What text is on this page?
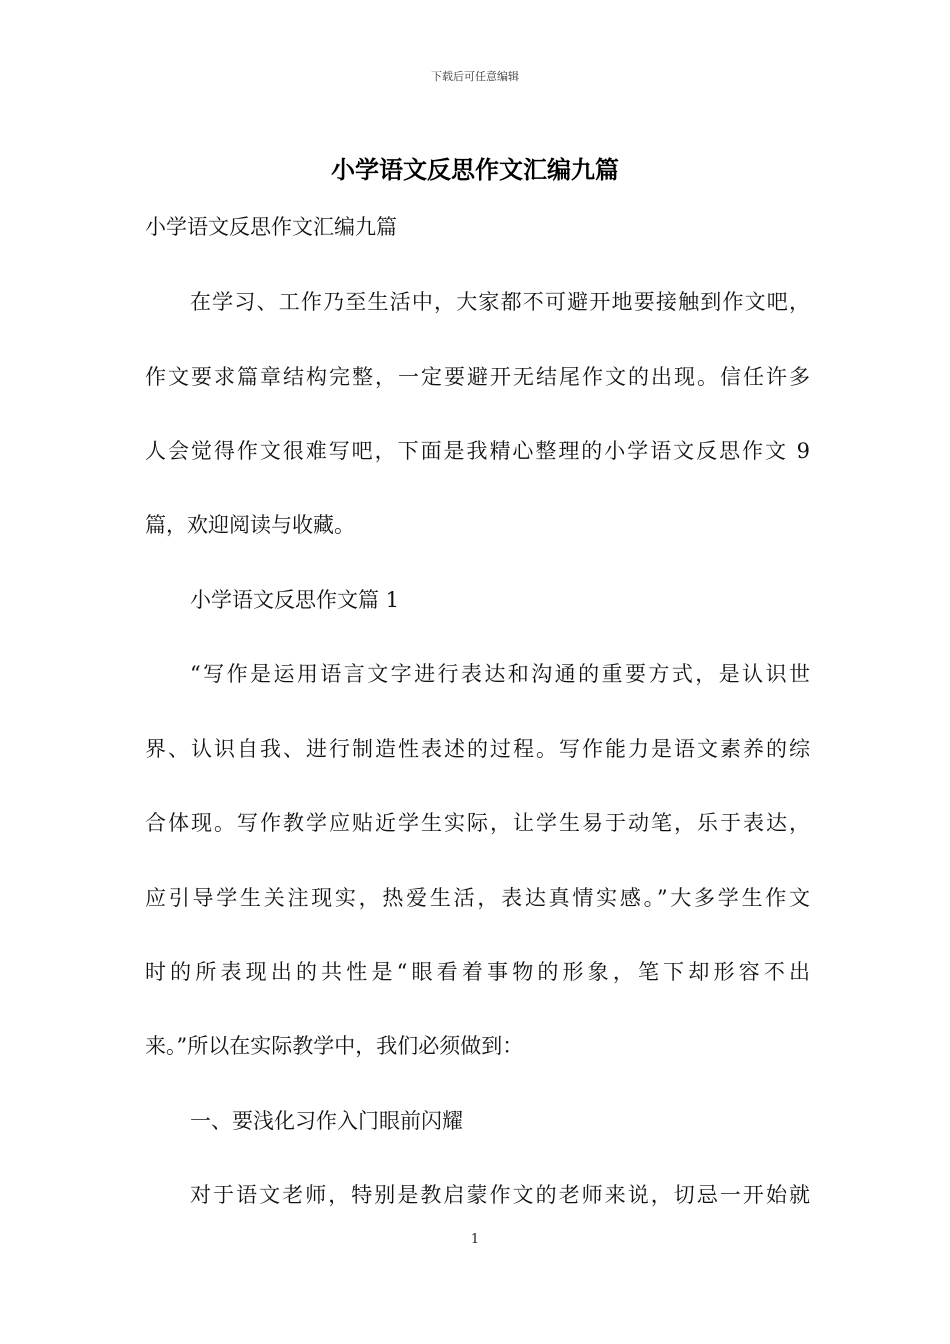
下载后可任意编辑
小学语文反思作文汇编九篇
小学语文反思作文汇编九篇
在学习、工作乃至生活中，大家都不可避开地要接触到作文吧，
作文要求篇章结构完整，一定要避开无结尾作文的出现。信任许多
人会觉得作文很难写吧，下面是我精心整理的小学语文反思作文 9
篇，欢迎阅读与收藏。
小学语文反思作文篇 1
“写作是运用语言文字进行表达和沟通的重要方式，是认识世
界、认识自我、进行制造性表述的过程。写作能力是语文素养的综
合体现。写作教学应贴近学生实际，让学生易于动笔，乐于表达，
应引导学生关注现实，热爱生活，表达真情实感。”大多学生作文
时的所表现出的共性是“眼看着事物的形象，笔下却形容不出
来。”所以在实际教学中，我们必须做到：
一、要浅化习作入门眼前闪耀
对于语文老师，特别是教启蒙作文的老师来说，切忌一开始就
1
